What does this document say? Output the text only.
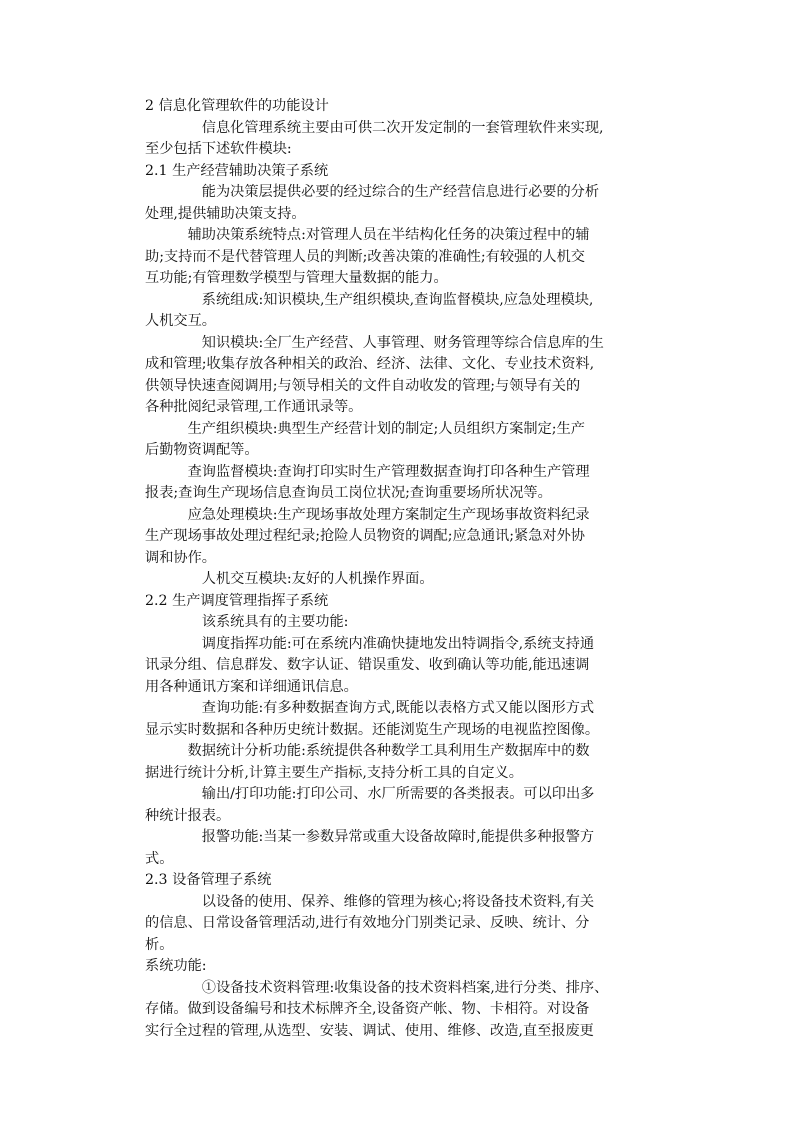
2 信息化管理软件的功能设计
　　　　信息化管理系统主要由可供二次开发定制的一套管理软件来实现,
至少包括下述软件模块:
2.1 生产经营辅助决策子系统
　　　　能为决策层提供必要的经过综合的生产经营信息进行必要的分析
处理,提供辅助决策支持。
　　　辅助决策系统特点:对管理人员在半结构化任务的决策过程中的辅
助;支持而不是代替管理人员的判断;改善决策的准确性;有较强的人机交
互功能;有管理数学模型与管理大量数据的能力。
　　　　系统组成:知识模块,生产组织模块,查询监督模块,应急处理模块,
人机交互。
　　　　知识模块:全厂生产经营、人事管理、财务管理等综合信息库的生
成和管理;收集存放各种相关的政治、经济、法律、文化、专业技术资料,
供领导快速查阅调用;与领导相关的文件自动收发的管理;与领导有关的
各种批阅纪录管理,工作通讯录等。
　　　生产组织模块:典型生产经营计划的制定;人员组织方案制定;生产
后勤物资调配等。
　　　查询监督模块:查询打印实时生产管理数据查询打印各种生产管理
报表;查询生产现场信息查询员工岗位状况;查询重要场所状况等。
　　　应急处理模块:生产现场事故处理方案制定生产现场事故资料纪录
生产现场事故处理过程纪录;抢险人员物资的调配;应急通讯;紧急对外协
调和协作。
　　　　人机交互模块:友好的人机操作界面。
2.2 生产调度管理指挥子系统
　　　　该系统具有的主要功能:
　　　　调度指挥功能:可在系统内准确快捷地发出特调指令,系统支持通
讯录分组、信息群发、数字认证、错误重发、收到确认等功能,能迅速调
用各种通讯方案和详细通讯信息。
　　　　查询功能:有多种数据查询方式,既能以表格方式又能以图形方式
显示实时数据和各种历史统计数据。还能浏览生产现场的电视监控图像。
　　　数据统计分析功能:系统提供各种数学工具利用生产数据库中的数
据进行统计分析,计算主要生产指标,支持分析工具的自定义。
　　　　输出/打印功能:打印公司、水厂所需要的各类报表。可以印出多
种统计报表。
　　　　报警功能:当某一参数异常或重大设备故障时,能提供多种报警方
式。
2.3 设备管理子系统
　　　　以设备的使用、保养、维修的管理为核心;将设备技术资料,有关
的信息、日常设备管理活动,进行有效地分门别类记录、反映、统计、分
析。
系统功能:
　　　　①设备技术资料管理:收集设备的技术资料档案,进行分类、排序、
存储。做到设备编号和技术标牌齐全,设备资产帐、物、卡相符。对设备
实行全过程的管理,从选型、安装、调试、使用、维修、改造,直至报废更
